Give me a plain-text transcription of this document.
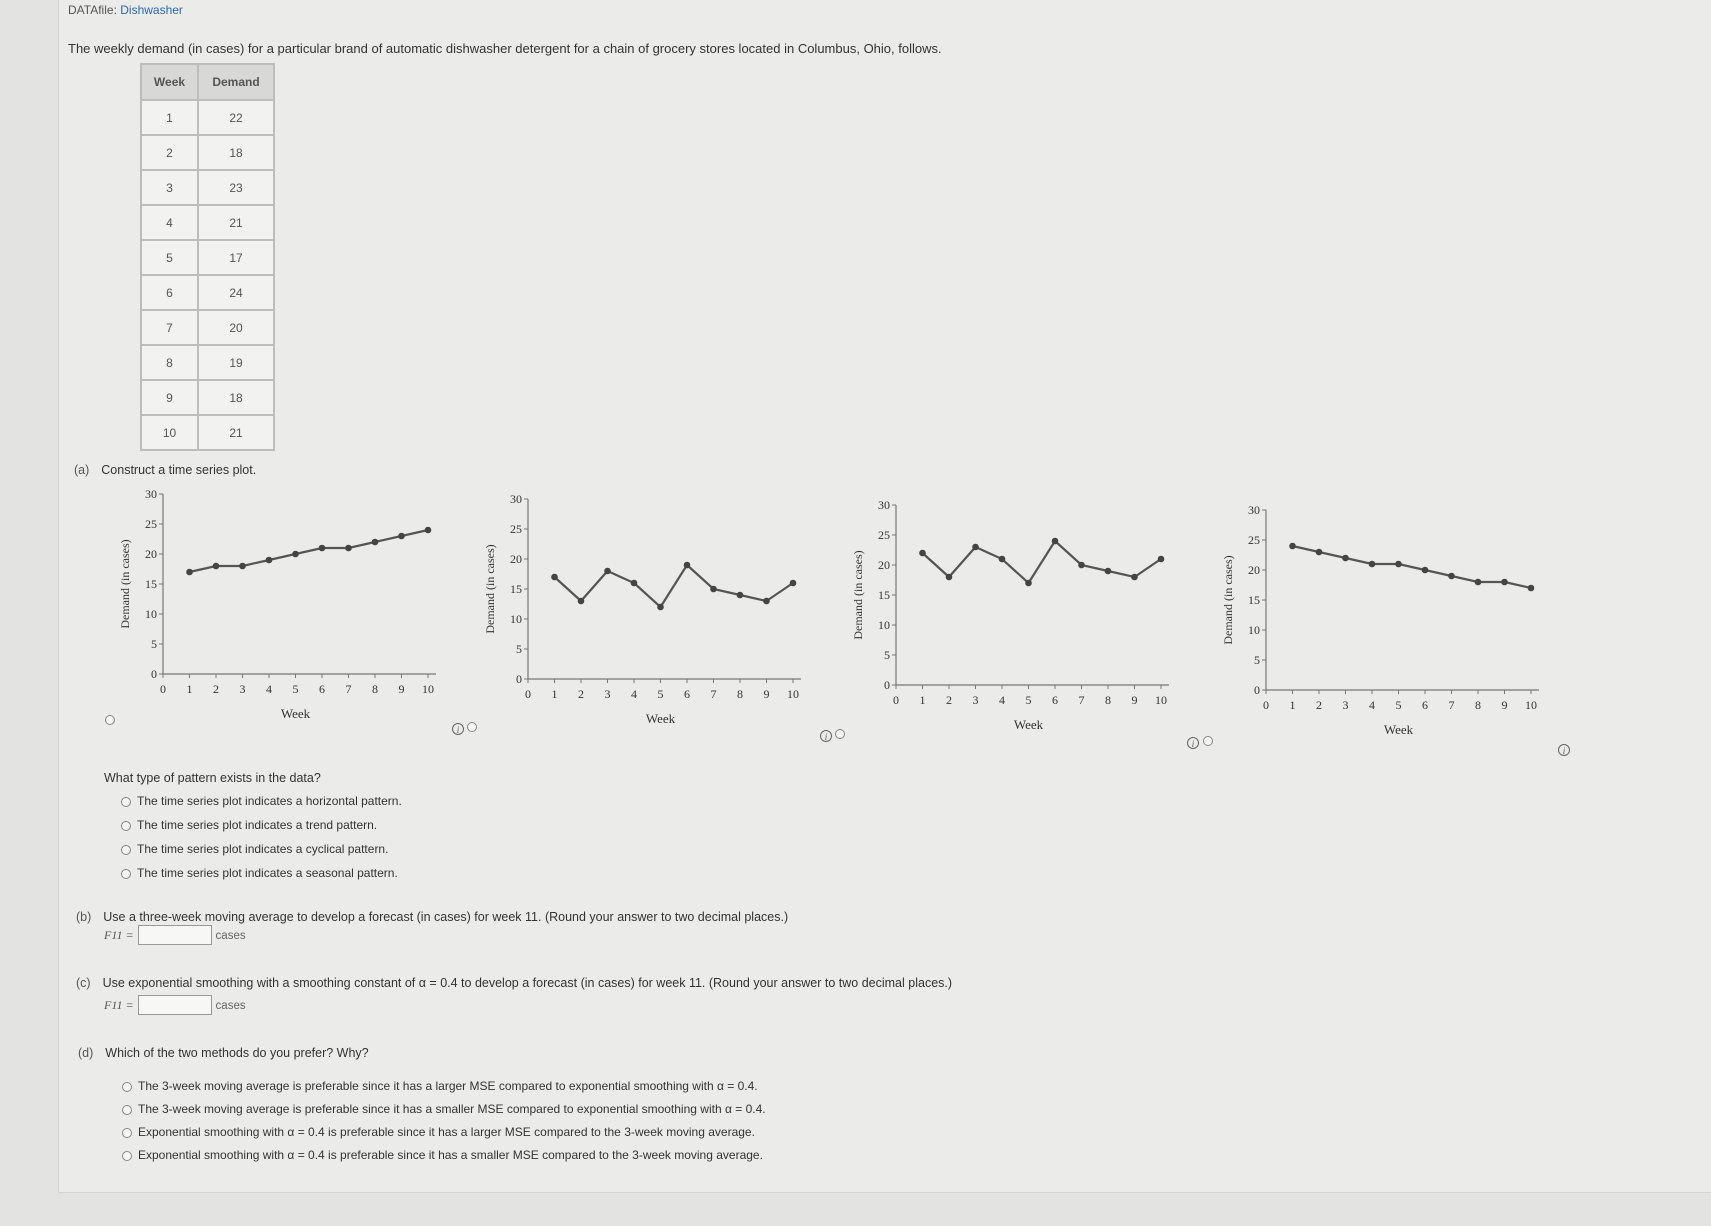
DATAfile: Dishwasher
The weekly demand (in cases) for a particular brand of automatic dishwasher detergent for a chain of grocery stores located in Columbus, Ohio, follows.
Week	Demand
1	22
2	18
3	23
4	21
5	17
6	24
7	20
8	19
9	18
10	21
(a) Construct a time series plot.
0
5
10
15
20
25
30
0 1 2 3 4 5 6 7 8 9 10
Week
Demand (in cases)
0
5
10
15
20
25
30
0 1 2 3 4 5 6 7 8 9 10
Week
Demand (in cases)
0
5
10
15
20
25
30
0 1 2 3 4 5 6 7 8 9 10
Week
Demand (in cases)
0
5
10
15
20
25
30
0 1 2 3 4 5 6 7 8 9 10
Week
Demand (in cases)
i
i
i
i
What type of pattern exists in the data?
The time series plot indicates a horizontal pattern.
The time series plot indicates a trend pattern.
The time series plot indicates a cyclical pattern.
The time series plot indicates a seasonal pattern.
(b) Use a three-week moving average to develop a forecast (in cases) for week 11. (Round your answer to two decimal places.)
F11 =	cases
(c) Use exponential smoothing with a smoothing constant of α = 0.4 to develop a forecast (in cases) for week 11. (Round your answer to two decimal places.)
F11 =	cases
(d) Which of the two methods do you prefer? Why?
The 3-week moving average is preferable since it has a larger MSE compared to exponential smoothing with α = 0.4.
The 3-week moving average is preferable since it has a smaller MSE compared to exponential smoothing with α = 0.4.
Exponential smoothing with α = 0.4 is preferable since it has a larger MSE compared to the 3-week moving average.
Exponential smoothing with α = 0.4 is preferable since it has a smaller MSE compared to the 3-week moving average.
